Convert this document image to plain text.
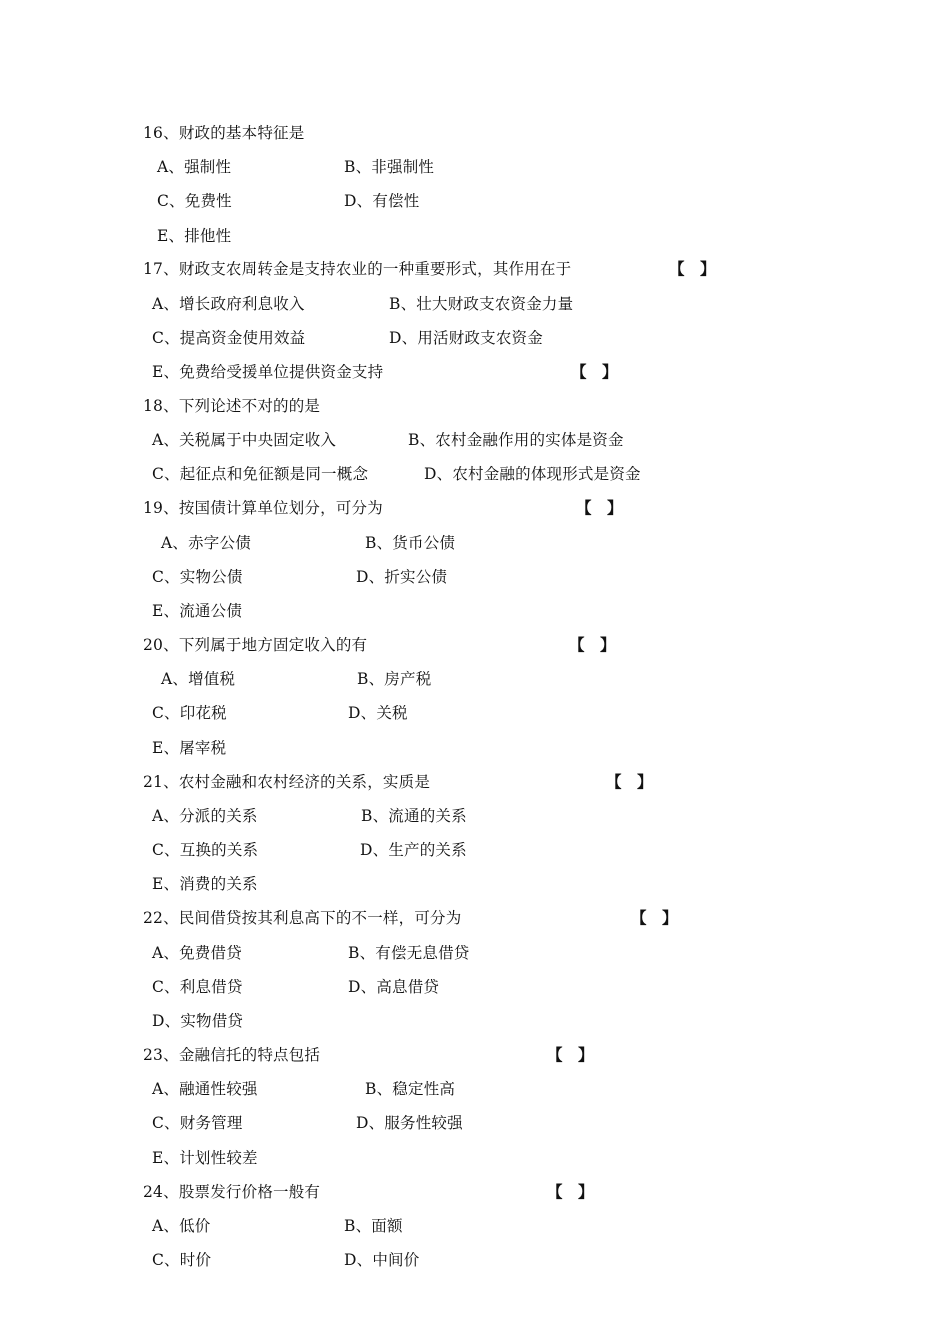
16、财政的基本特征是
A、强制性	B、非强制性
C、免费性	D、有偿性
E、排他性
17、财政支农周转金是支持农业的一种重要形式，其作用在于	【　】
A、增长政府利息收入	B、壮大财政支农资金力量
C、提高资金使用效益	D、用活财政支农资金
E、免费给受援单位提供资金支持	【　】
18、下列论述不对的的是
A、关税属于中央固定收入	B、农村金融作用的实体是资金
C、起征点和免征额是同一概念	D、农村金融的体现形式是资金
19、按国债计算单位划分，可分为	【　】
A、赤字公债	B、货币公债
C、实物公债	D、折实公债
E、流通公债
20、下列属于地方固定收入的有	【　】
A、增值税	B、房产税
C、印花税	D、关税
E、屠宰税
21、农村金融和农村经济的关系，实质是	【　】
A、分派的关系	B、流通的关系
C、互换的关系	D、生产的关系
E、消费的关系
22、民间借贷按其利息高下的不一样，可分为	【　】
A、免费借贷	B、有偿无息借贷
C、利息借贷	D、高息借贷
D、实物借贷
23、金融信托的特点包括	【　】
A、融通性较强	B、稳定性高
C、财务管理	D、服务性较强
E、计划性较差
24、股票发行价格一般有	【　】
A、低价	B、面额
C、时价	D、中间价
